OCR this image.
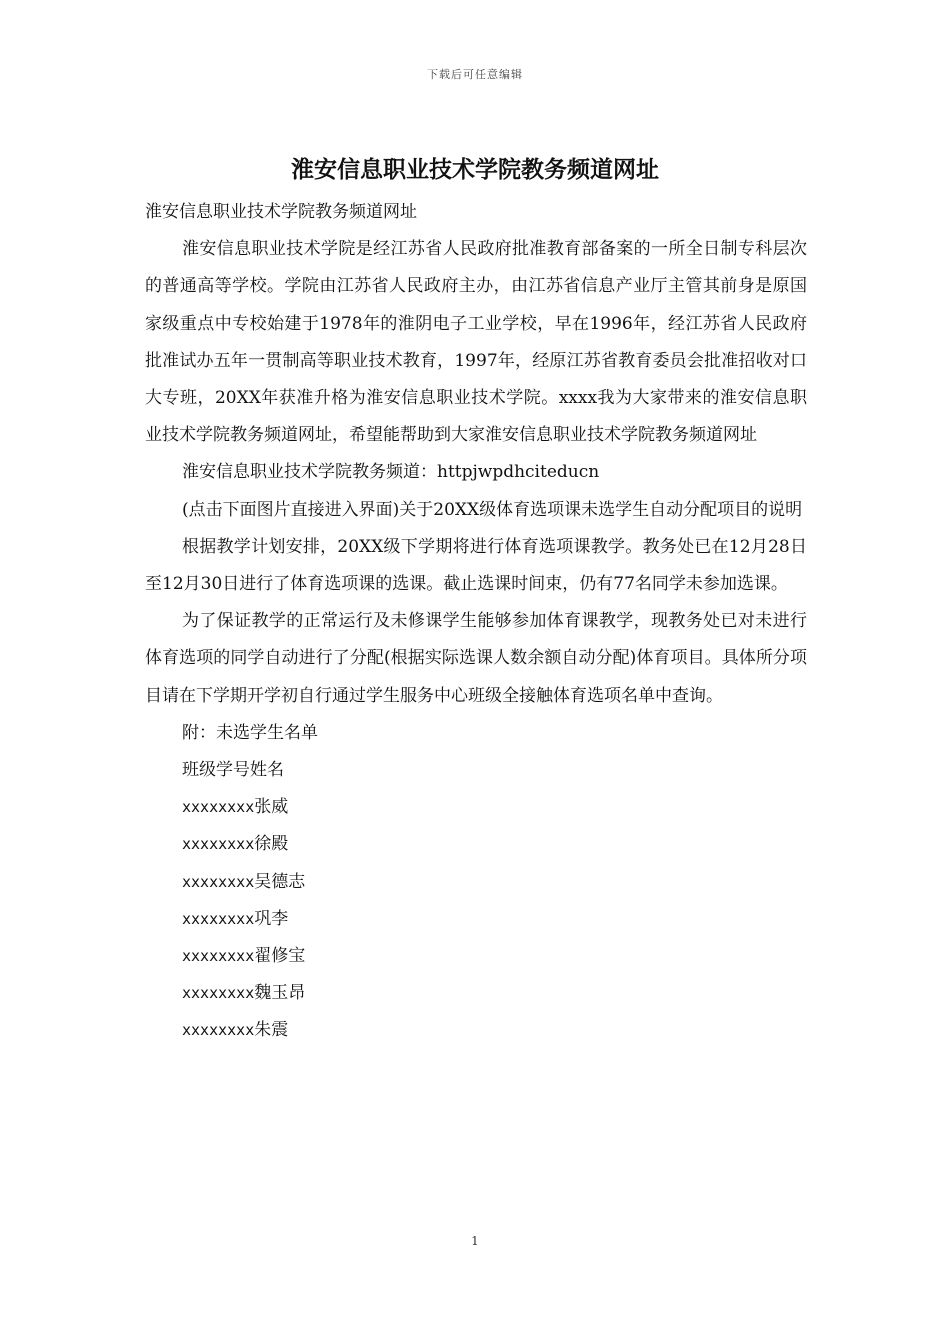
下载后可任意编辑
淮安信息职业技术学院教务频道网址

淮安信息职业技术学院教务频道网址

淮安信息职业技术学院是经江苏省人民政府批准教育部备案的一所全日制专科层次的普通高等学校。学院由江苏省人民政府主办，由江苏省信息产业厅主管其前身是原国家级重点中专校始建于1978年的淮阴电子工业学校，早在1996年，经江苏省人民政府批准试办五年一贯制高等职业技术教育，1997年，经原江苏省教育委员会批准招收对口大专班，20XX年获准升格为淮安信息职业技术学院。xxxx我为大家带来的淮安信息职业技术学院教务频道网址，希望能帮助到大家淮安信息职业技术学院教务频道网址

淮安信息职业技术学院教务频道：httpjwpdhciteducn

(点击下面图片直接进入界面)关于20XX级体育选项课未选学生自动分配项目的说明

根据教学计划安排，20XX级下学期将进行体育选项课教学。教务处已在12月28日至12月30日进行了体育选项课的选课。截止选课时间束，仍有77名同学未参加选课。

为了保证教学的正常运行及未修课学生能够参加体育课教学，现教务处已对未进行体育选项的同学自动进行了分配(根据实际选课人数余额自动分配)体育项目。具体所分项目请在下学期开学初自行通过学生服务中心班级全接触体育选项名单中查询。

附：未选学生名单

班级学号姓名

xxxxxxxx张威

xxxxxxxx徐殿

xxxxxxxx吴德志

xxxxxxxx巩李

xxxxxxxx翟修宝

xxxxxxxx魏玉昂

xxxxxxxx朱震

1
